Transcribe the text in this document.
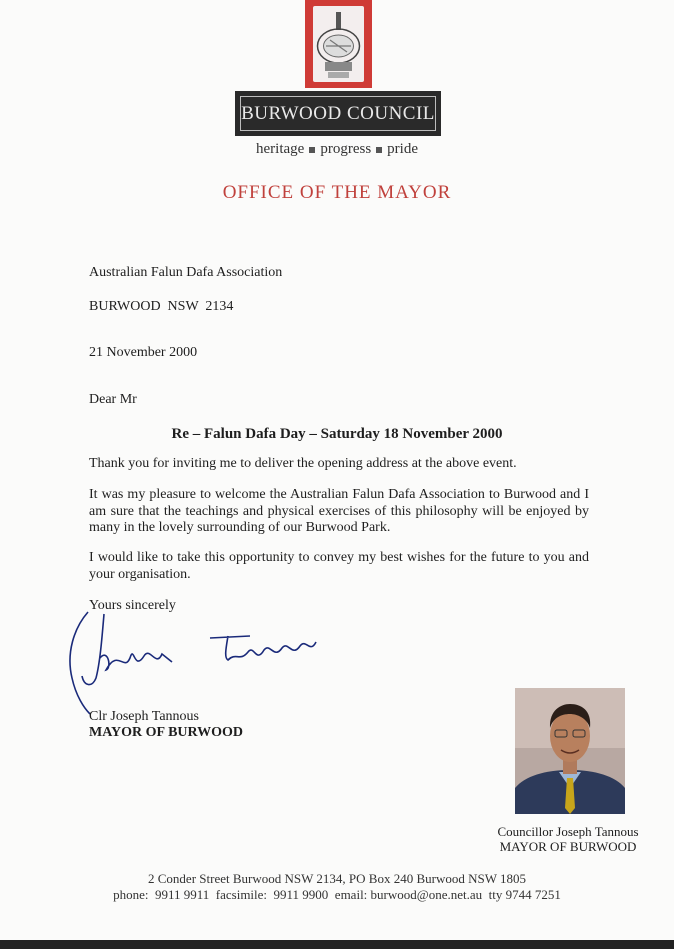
BURWOOD COUNCIL
heritage progress pride
OFFICE OF THE MAYOR
Australian Falun Dafa Association
BURWOOD  NSW  2134
21 November 2000
Dear Mr
Re – Falun Dafa Day – Saturday 18 November 2000
Thank you for inviting me to deliver the opening address at the above event.
It was my pleasure to welcome the Australian Falun Dafa Association to Burwood and I am sure that the teachings and physical exercises of this philosophy will be enjoyed by many in the lovely surrounding of our Burwood Park.
I would like to take this opportunity to convey my best wishes for the future to you and your organisation.
Yours sincerely
Clr Joseph Tannous
MAYOR OF BURWOOD
Councillor Joseph Tannous
MAYOR OF BURWOOD
2 Conder Street Burwood NSW 2134, PO Box 240 Burwood NSW 1805
phone:  9911 9911  facsimile:  9911 9900  email: burwood@one.net.au  tty 9744 7251
